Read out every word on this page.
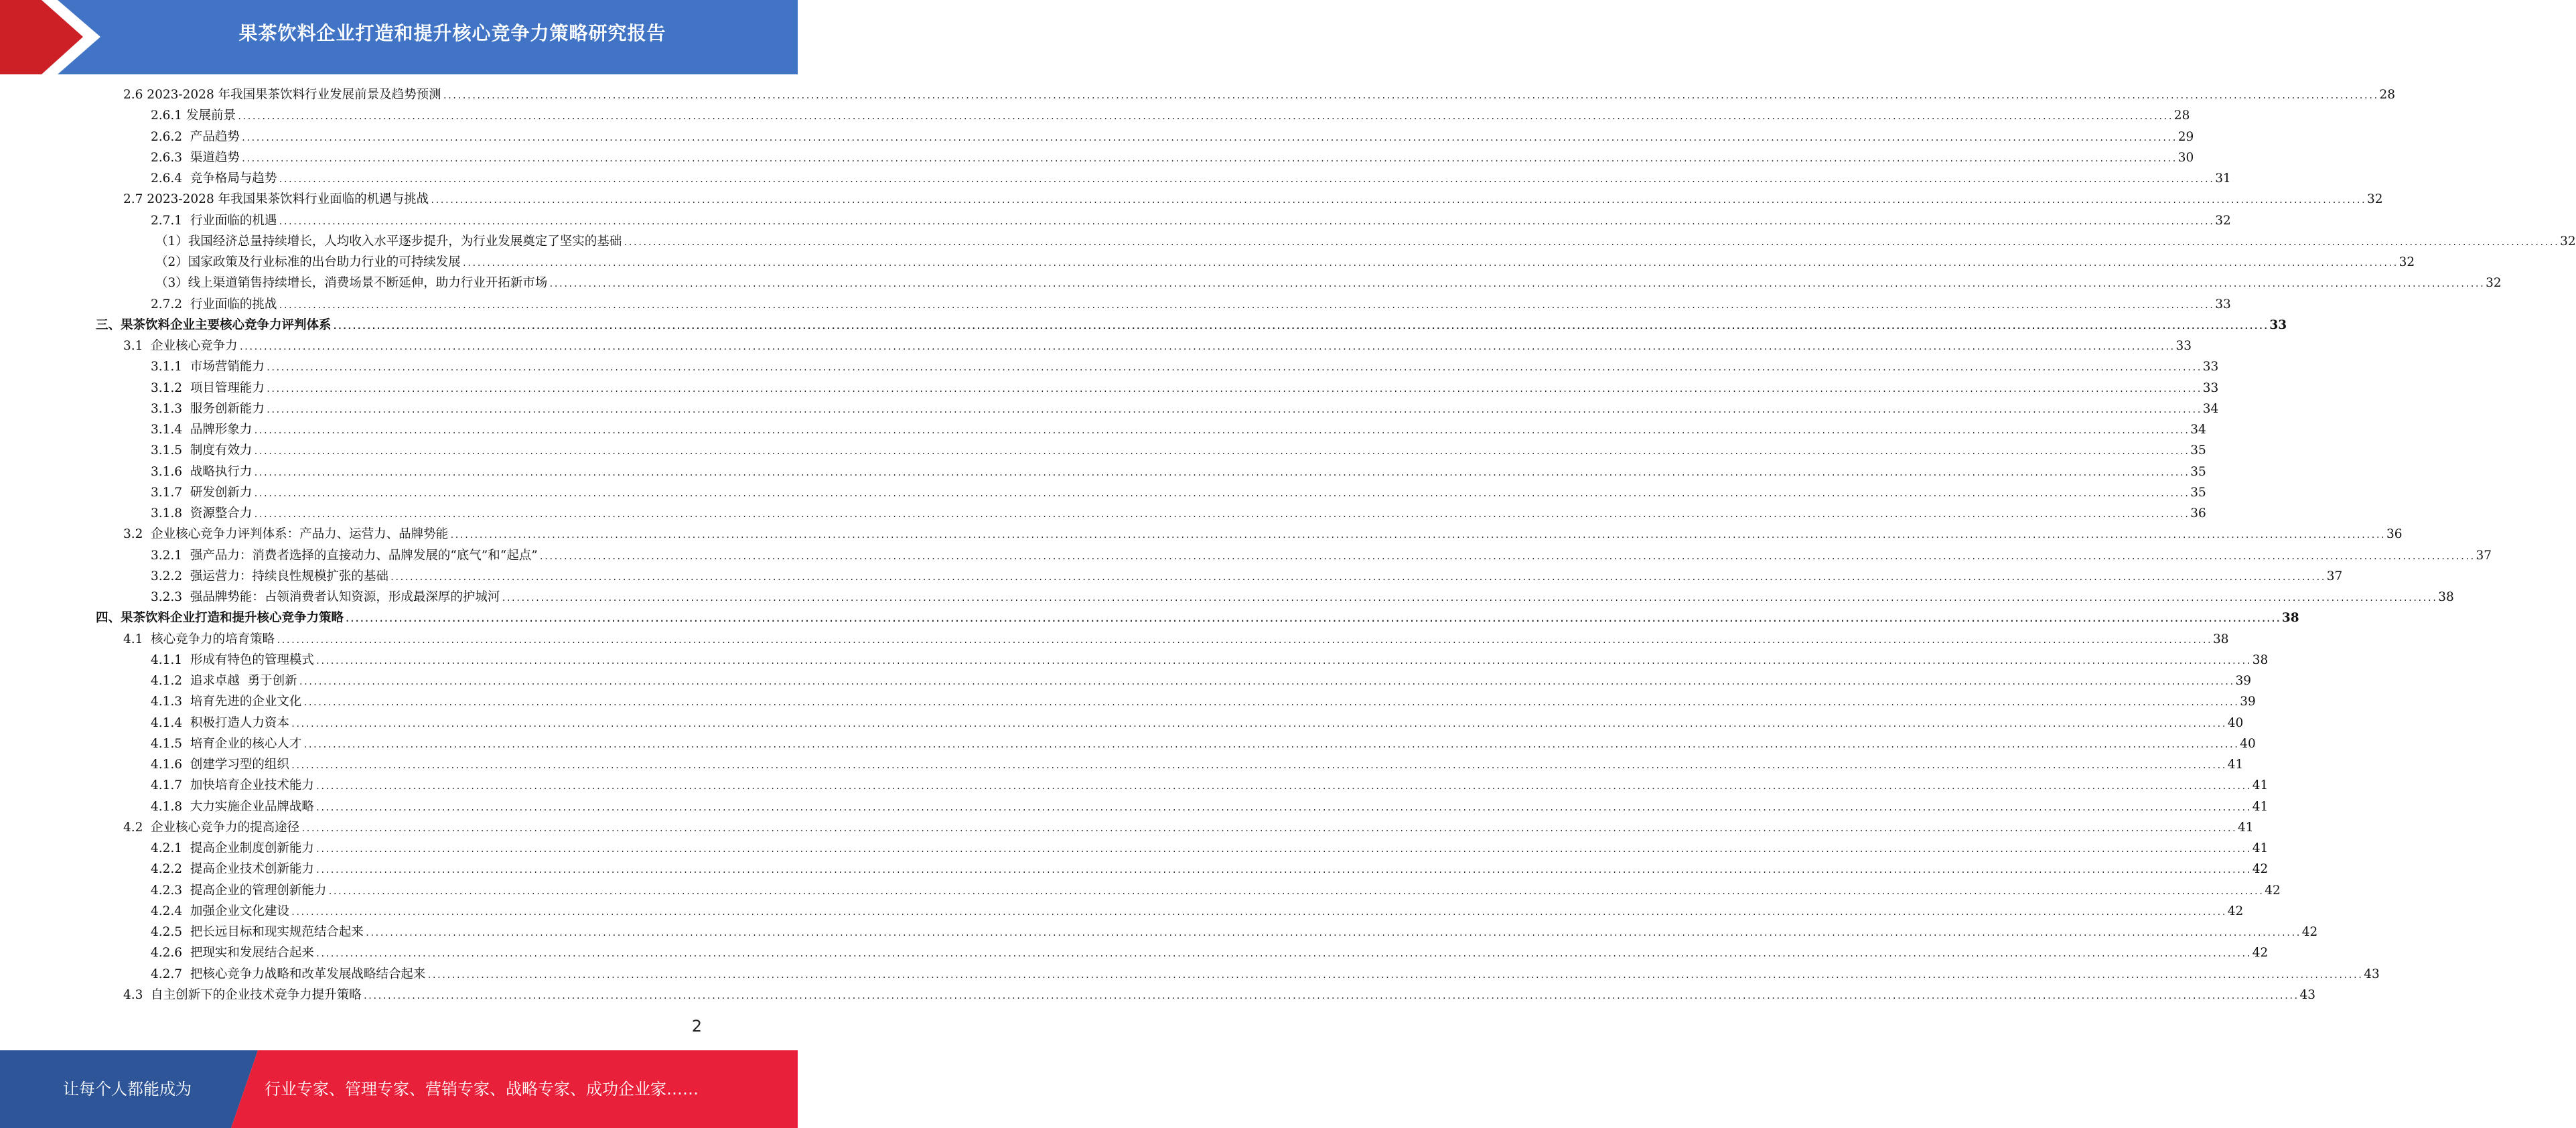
果茶饮料企业打造和提升核心竞争力策略研究报告
2.6 2023-2028 年我国果茶饮料行业发展前景及趋势预测 ................................................................................................................................................................................................................................................................................................................................................................................................................ 28
2.6.1 发展前景 ................................................................................................................................................................................................................................................................................................................................................................................................................ 28
2.6.2  产品趋势 ................................................................................................................................................................................................................................................................................................................................................................................................................ 29
2.6.3  渠道趋势 ................................................................................................................................................................................................................................................................................................................................................................................................................ 30
2.6.4  竞争格局与趋势 ................................................................................................................................................................................................................................................................................................................................................................................................................ 31
2.7 2023-2028 年我国果茶饮料行业面临的机遇与挑战 ................................................................................................................................................................................................................................................................................................................................................................................................................ 32
2.7.1  行业面临的机遇 ................................................................................................................................................................................................................................................................................................................................................................................................................ 32
（1）我国经济总量持续增长，人均收入水平逐步提升，为行业发展奠定了坚实的基础 ................................................................................................................................................................................................................................................................................................................................................................................................................ 32
（2）国家政策及行业标准的出台助力行业的可持续发展 ................................................................................................................................................................................................................................................................................................................................................................................................................ 32
（3）线上渠道销售持续增长，消费场景不断延伸，助力行业开拓新市场 ................................................................................................................................................................................................................................................................................................................................................................................................................ 32
2.7.2  行业面临的挑战 ................................................................................................................................................................................................................................................................................................................................................................................................................ 33
三、果茶饮料企业主要核心竞争力评判体系 ................................................................................................................................................................................................................................................................................................................................................................................................................ 33
3.1  企业核心竞争力 ................................................................................................................................................................................................................................................................................................................................................................................................................ 33
3.1.1  市场营销能力 ................................................................................................................................................................................................................................................................................................................................................................................................................ 33
3.1.2  项目管理能力 ................................................................................................................................................................................................................................................................................................................................................................................................................ 33
3.1.3  服务创新能力 ................................................................................................................................................................................................................................................................................................................................................................................................................ 34
3.1.4  品牌形象力 ................................................................................................................................................................................................................................................................................................................................................................................................................ 34
3.1.5  制度有效力 ................................................................................................................................................................................................................................................................................................................................................................................................................ 35
3.1.6  战略执行力 ................................................................................................................................................................................................................................................................................................................................................................................................................ 35
3.1.7  研发创新力 ................................................................................................................................................................................................................................................................................................................................................................................................................ 35
3.1.8  资源整合力 ................................................................................................................................................................................................................................................................................................................................................................................................................ 36
3.2  企业核心竞争力评判体系：产品力、运营力、品牌势能 ................................................................................................................................................................................................................................................................................................................................................................................................................ 36
3.2.1  强产品力：消费者选择的直接动力、品牌发展的“底气”和“起点” ................................................................................................................................................................................................................................................................................................................................................................................................................ 37
3.2.2  强运营力：持续良性规模扩张的基础 ................................................................................................................................................................................................................................................................................................................................................................................................................ 37
3.2.3  强品牌势能：占领消费者认知资源，形成最深厚的护城河 ................................................................................................................................................................................................................................................................................................................................................................................................................ 38
四、果茶饮料企业打造和提升核心竞争力策略 ................................................................................................................................................................................................................................................................................................................................................................................................................ 38
4.1  核心竞争力的培育策略 ................................................................................................................................................................................................................................................................................................................................................................................................................ 38
4.1.1  形成有特色的管理模式 ................................................................................................................................................................................................................................................................................................................................................................................................................ 38
4.1.2  追求卓越  勇于创新 ................................................................................................................................................................................................................................................................................................................................................................................................................ 39
4.1.3  培育先进的企业文化 ................................................................................................................................................................................................................................................................................................................................................................................................................ 39
4.1.4  积极打造人力资本 ................................................................................................................................................................................................................................................................................................................................................................................................................ 40
4.1.5  培育企业的核心人才 ................................................................................................................................................................................................................................................................................................................................................................................................................ 40
4.1.6  创建学习型的组织 ................................................................................................................................................................................................................................................................................................................................................................................................................ 41
4.1.7  加快培育企业技术能力 ................................................................................................................................................................................................................................................................................................................................................................................................................ 41
4.1.8  大力实施企业品牌战略 ................................................................................................................................................................................................................................................................................................................................................................................................................ 41
4.2  企业核心竞争力的提高途径 ................................................................................................................................................................................................................................................................................................................................................................................................................ 41
4.2.1  提高企业制度创新能力 ................................................................................................................................................................................................................................................................................................................................................................................................................ 41
4.2.2  提高企业技术创新能力 ................................................................................................................................................................................................................................................................................................................................................................................................................ 42
4.2.3  提高企业的管理创新能力 ................................................................................................................................................................................................................................................................................................................................................................................................................ 42
4.2.4  加强企业文化建设 ................................................................................................................................................................................................................................................................................................................................................................................................................ 42
4.2.5  把长远目标和现实规范结合起来 ................................................................................................................................................................................................................................................................................................................................................................................................................ 42
4.2.6  把现实和发展结合起来 ................................................................................................................................................................................................................................................................................................................................................................................................................ 42
4.2.7  把核心竞争力战略和改革发展战略结合起来 ................................................................................................................................................................................................................................................................................................................................................................................................................ 43
4.3  自主创新下的企业技术竞争力提升策略 ................................................................................................................................................................................................................................................................................................................................................................................................................ 43
2
让每个人都能成为	行业专家、管理专家、营销专家、战略专家、成功企业家……
